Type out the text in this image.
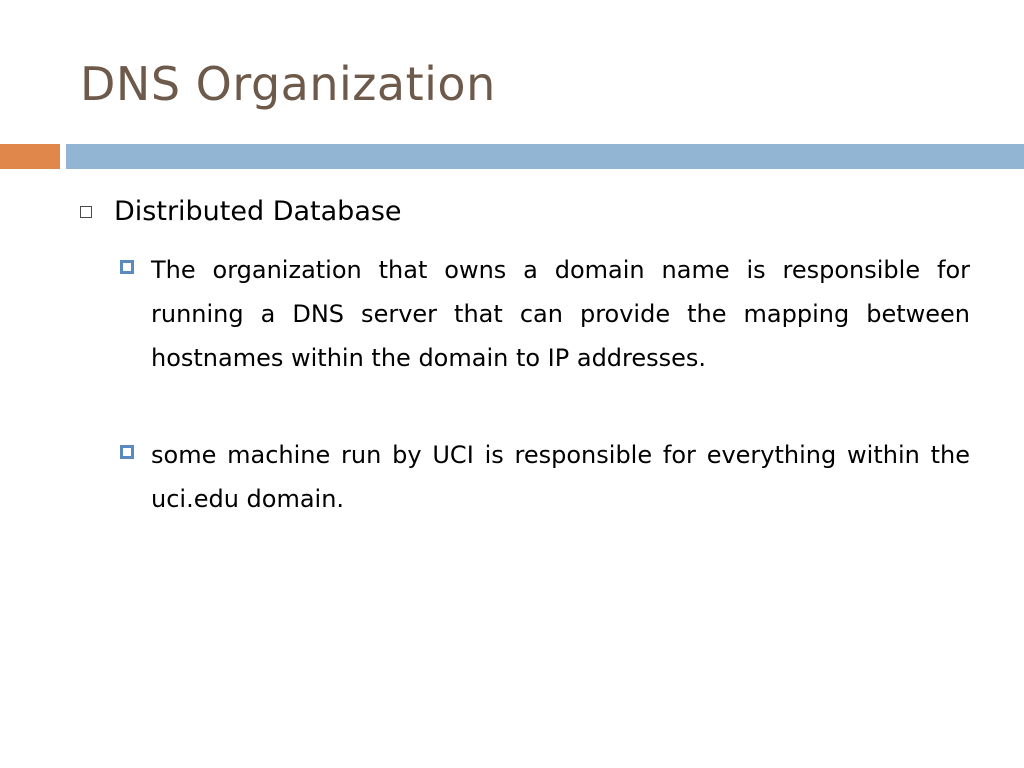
DNS Organization
Distributed Database
The organization that owns a domain name is responsible for running a DNS server that can provide the mapping between hostnames within the domain to IP addresses.
some machine run by UCI is responsible for everything within the uci.edu domain.
